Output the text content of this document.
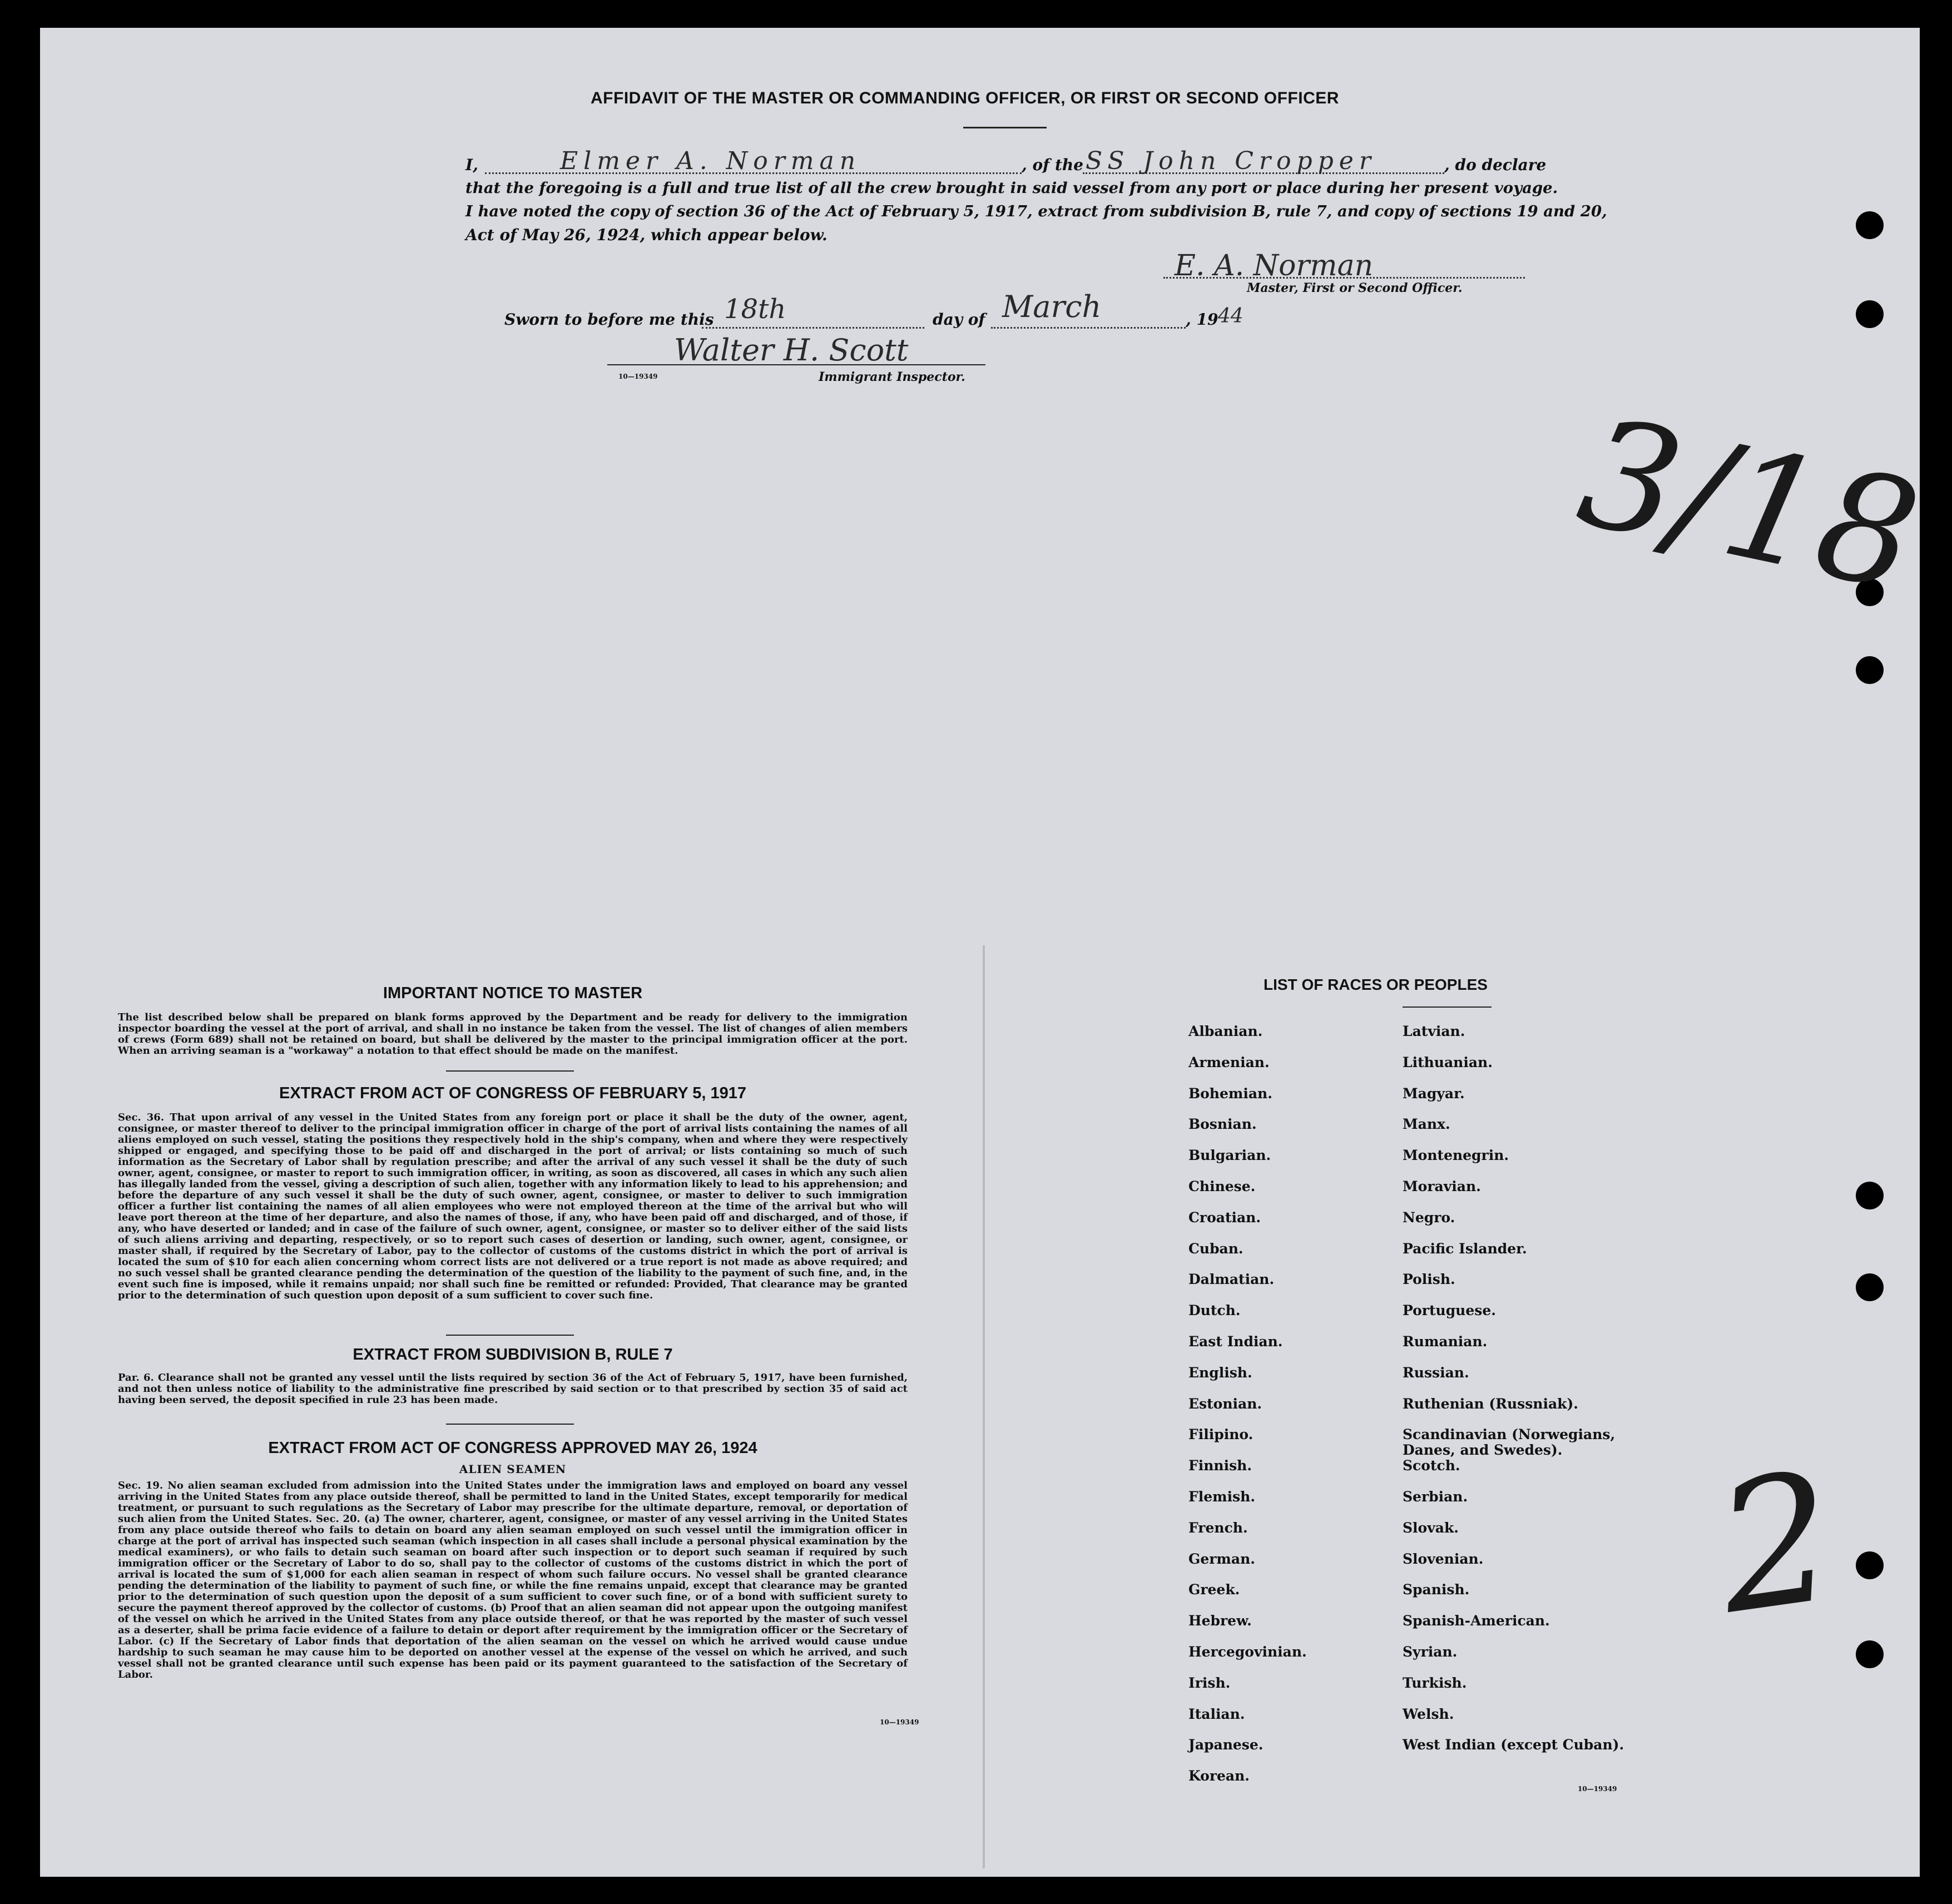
AFFIDAVIT OF THE MASTER OR COMMANDING OFFICER, OR FIRST OR SECOND OFFICER
I,	Elmer A. Norman	, of the SS John Cropper	, do declare
that the foregoing is a full and true list of all the crew brought in said vessel from any port or place during her present voyage.
I have noted the copy of section 36 of the Act of February 5, 1917, extract from subdivision B, rule 7, and copy of sections 19 and 20,
Act of May 26, 1924, which appear below.
E. A. Norman
Master, First or Second Officer.
Sworn to before me this 18th	day of March	, 19 44
Walter H. Scott
10—19349	Immigrant Inspector.
3/18
2
IMPORTANT NOTICE TO MASTER
The list described below shall be prepared on blank forms approved by the Department and be ready for delivery to the immigration inspector boarding the vessel at the port of arrival, and shall in no instance be taken from the vessel. The list of changes of alien members of crews (Form 689) shall not be retained on board, but shall be delivered by the master to the principal immigration officer at the port. When an arriving seaman is a "workaway" a notation to that effect should be made on the manifest.
EXTRACT FROM ACT OF CONGRESS OF FEBRUARY 5, 1917
Sec. 36. That upon arrival of any vessel in the United States from any foreign port or place it shall be the duty of the owner, agent, consignee, or master thereof to deliver to the principal immigration officer in charge of the port of arrival lists containing the names of all aliens employed on such vessel, stating the positions they respectively hold in the ship's company, when and where they were respectively shipped or engaged, and specifying those to be paid off and discharged in the port of arrival; or lists containing so much of such information as the Secretary of Labor shall by regulation prescribe; and after the arrival of any such vessel it shall be the duty of such owner, agent, consignee, or master to report to such immigration officer, in writing, as soon as discovered, all cases in which any such alien has illegally landed from the vessel, giving a description of such alien, together with any information likely to lead to his apprehension; and before the departure of any such vessel it shall be the duty of such owner, agent, consignee, or master to deliver to such immigration officer a further list containing the names of all alien employees who were not employed thereon at the time of the arrival but who will leave port thereon at the time of her departure, and also the names of those, if any, who have been paid off and discharged, and of those, if any, who have deserted or landed; and in case of the failure of such owner, agent, consignee, or master so to deliver either of the said lists of such aliens arriving and departing, respectively, or so to report such cases of desertion or landing, such owner, agent, consignee, or master shall, if required by the Secretary of Labor, pay to the collector of customs of the customs district in which the port of arrival is located the sum of $10 for each alien concerning whom correct lists are not delivered or a true report is not made as above required; and no such vessel shall be granted clearance pending the determination of the question of the liability to the payment of such fine, and, in the event such fine is imposed, while it remains unpaid; nor shall such fine be remitted or refunded: Provided, That clearance may be granted prior to the determination of such question upon deposit of a sum sufficient to cover such fine.
EXTRACT FROM SUBDIVISION B, RULE 7
Par. 6. Clearance shall not be granted any vessel until the lists required by section 36 of the Act of February 5, 1917, have been furnished, and not then unless notice of liability to the administrative fine prescribed by said section or to that prescribed by section 35 of said act having been served, the deposit specified in rule 23 has been made.
EXTRACT FROM ACT OF CONGRESS APPROVED MAY 26, 1924
ALIEN SEAMEN
Sec. 19. No alien seaman excluded from admission into the United States under the immigration laws and employed on board any vessel arriving in the United States from any place outside thereof, shall be permitted to land in the United States, except temporarily for medical treatment, or pursuant to such regulations as the Secretary of Labor may prescribe for the ultimate departure, removal, or deportation of such alien from the United States. Sec. 20. (a) The owner, charterer, agent, consignee, or master of any vessel arriving in the United States from any place outside thereof who fails to detain on board any alien seaman employed on such vessel until the immigration officer in charge at the port of arrival has inspected such seaman (which inspection in all cases shall include a personal physical examination by the medical examiners), or who fails to detain such seaman on board after such inspection or to deport such seaman if required by such immigration officer or the Secretary of Labor to do so, shall pay to the collector of customs of the customs district in which the port of arrival is located the sum of $1,000 for each alien seaman in respect of whom such failure occurs. No vessel shall be granted clearance pending the determination of the liability to payment of such fine, or while the fine remains unpaid, except that clearance may be granted prior to the determination of such question upon the deposit of a sum sufficient to cover such fine, or of a bond with sufficient surety to secure the payment thereof approved by the collector of customs. (b) Proof that an alien seaman did not appear upon the outgoing manifest of the vessel on which he arrived in the United States from any place outside thereof, or that he was reported by the master of such vessel as a deserter, shall be prima facie evidence of a failure to detain or deport after requirement by the immigration officer or the Secretary of Labor. (c) If the Secretary of Labor finds that deportation of the alien seaman on the vessel on which he arrived would cause undue hardship to such seaman he may cause him to be deported on another vessel at the expense of the vessel on which he arrived, and such vessel shall not be granted clearance until such expense has been paid or its payment guaranteed to the satisfaction of the Secretary of Labor.
10—19349
LIST OF RACES OR PEOPLES
Albanian.
Armenian.
Bohemian.
Bosnian.
Bulgarian.
Chinese.
Croatian.
Cuban.
Dalmatian.
Dutch.
East Indian.
English.
Estonian.
Filipino.
Finnish.
Flemish.
French.
German.
Greek.
Hebrew.
Hercegovinian.
Irish.
Italian.
Japanese.
Korean.
Latvian.
Lithuanian.
Magyar.
Manx.
Montenegrin.
Moravian.
Negro.
Pacific Islander.
Polish.
Portuguese.
Rumanian.
Russian.
Ruthenian (Russniak).
Scandinavian (Norwegians,
Danes, and Swedes).
Scotch.
Serbian.
Slovak.
Slovenian.
Spanish.
Spanish-American.
Syrian.
Turkish.
Welsh.
West Indian (except Cuban).
10—19349
